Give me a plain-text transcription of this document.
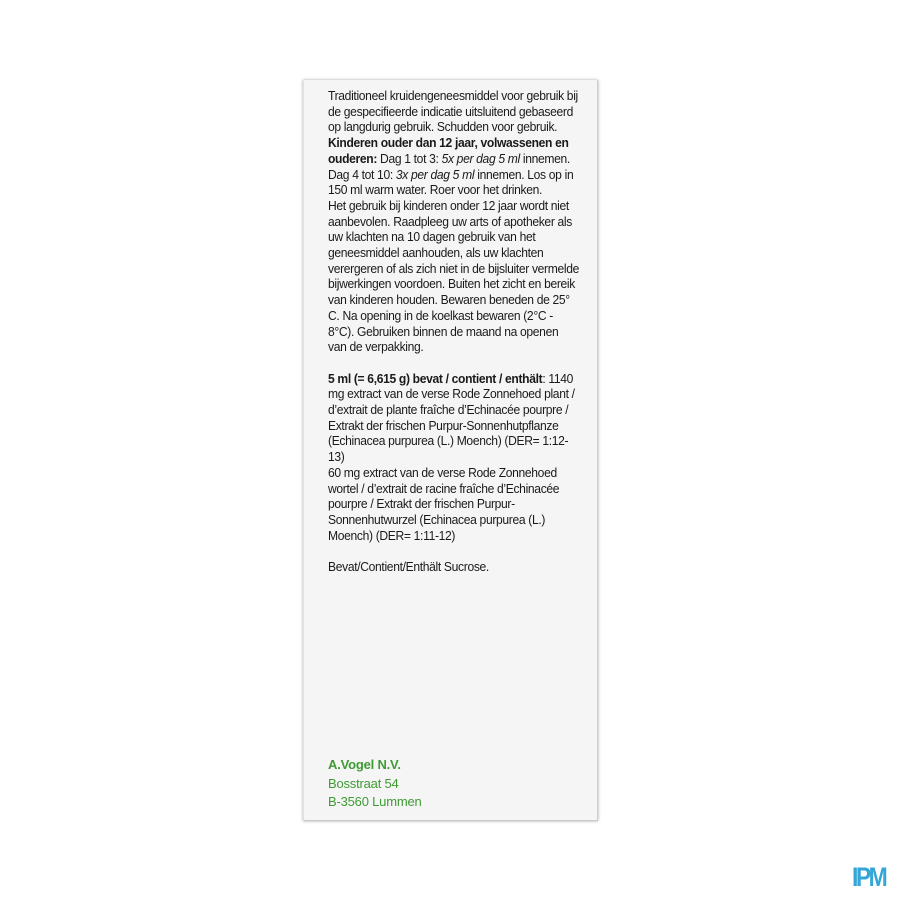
Traditioneel kruidengeneesmiddel voor gebruik bij de gespecifieerde indicatie uitsluitend gebaseerd op langdurig gebruik. Schudden voor gebruik.
Kinderen ouder dan 12 jaar, volwassenen en ouderen: Dag 1 tot 3: 5x per dag 5 ml innemen. Dag 4 tot 10: 3x per dag 5 ml innemen. Los op in 150 ml warm water. Roer voor het drinken.
Het gebruik bij kinderen onder 12 jaar wordt niet aanbevolen. Raadpleeg uw arts of apotheker als uw klachten na 10 dagen gebruik van het geneesmiddel aanhouden, als uw klachten verergeren of als zich niet in de bijsluiter vermelde bijwerkingen voordoen. Buiten het zicht en bereik van kinderen houden. Bewaren beneden de 25° C. Na opening in de koelkast bewaren (2°C - 8°C). Gebruiken binnen de maand na openen van de verpakking.

5 ml (= 6,615 g) bevat / contient / enthält: 1140 mg extract van de verse Rode Zonnehoed plant / d’extrait de plante fraîche d’Echinacée pourpre / Extrakt der frischen Purpur-Sonnenhutpflanze (Echinacea purpurea (L.) Moench) (DER= 1:12-13)
60 mg extract van de verse Rode Zonnehoed wortel / d’extrait de racine fraîche d’Echinacée pourpre / Extrakt der frischen Purpur-Sonnenhutwurzel (Echinacea purpurea (L.) Moench) (DER= 1:11-12)

Bevat/Contient/Enthält Sucrose.

A.Vogel N.V.
Bosstraat 54
B-3560 Lummen
IPM
